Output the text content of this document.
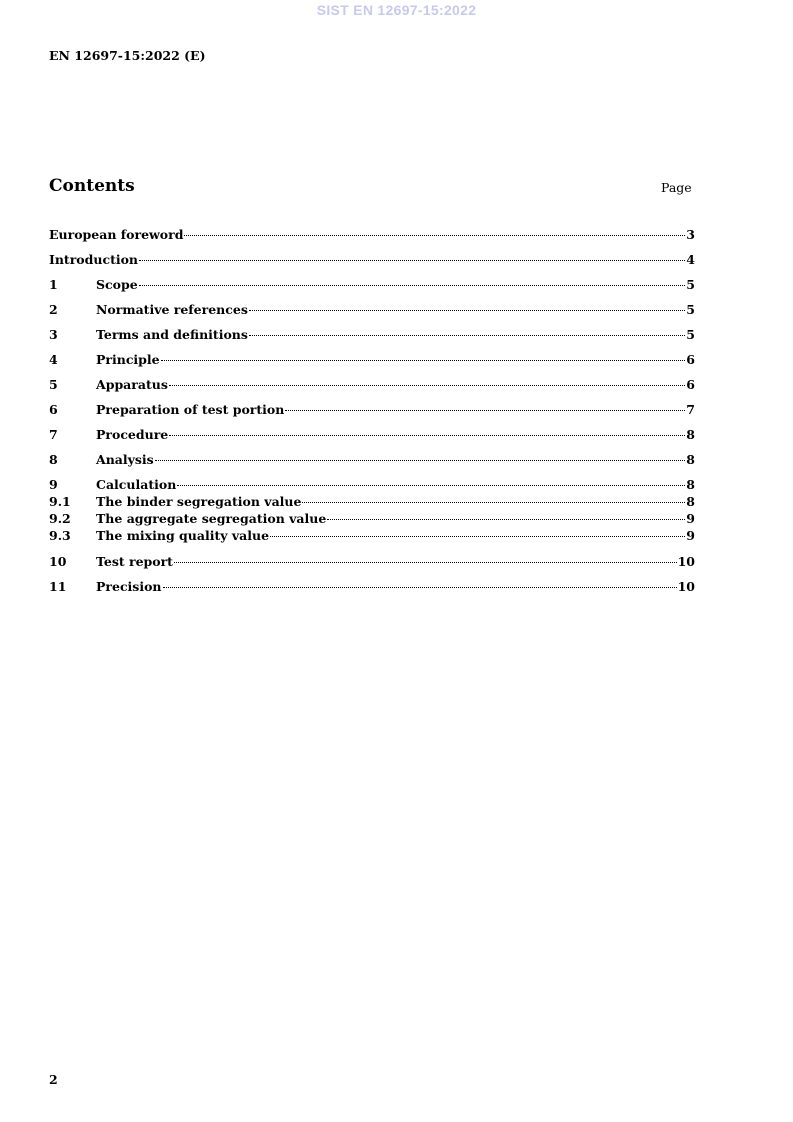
SIST EN 12697-15:2022
EN 12697-15:2022 (E)
Contents	Page
European foreword	3
Introduction	4
1	Scope	5
2	Normative references	5
3	Terms and definitions	5
4	Principle	6
5	Apparatus	6
6	Preparation of test portion	7
7	Procedure	8
8	Analysis	8
9	Calculation	8
9.1	The binder segregation value	8
9.2	The aggregate segregation value	9
9.3	The mixing quality value	9
10	Test report	10
11	Precision	10
2
